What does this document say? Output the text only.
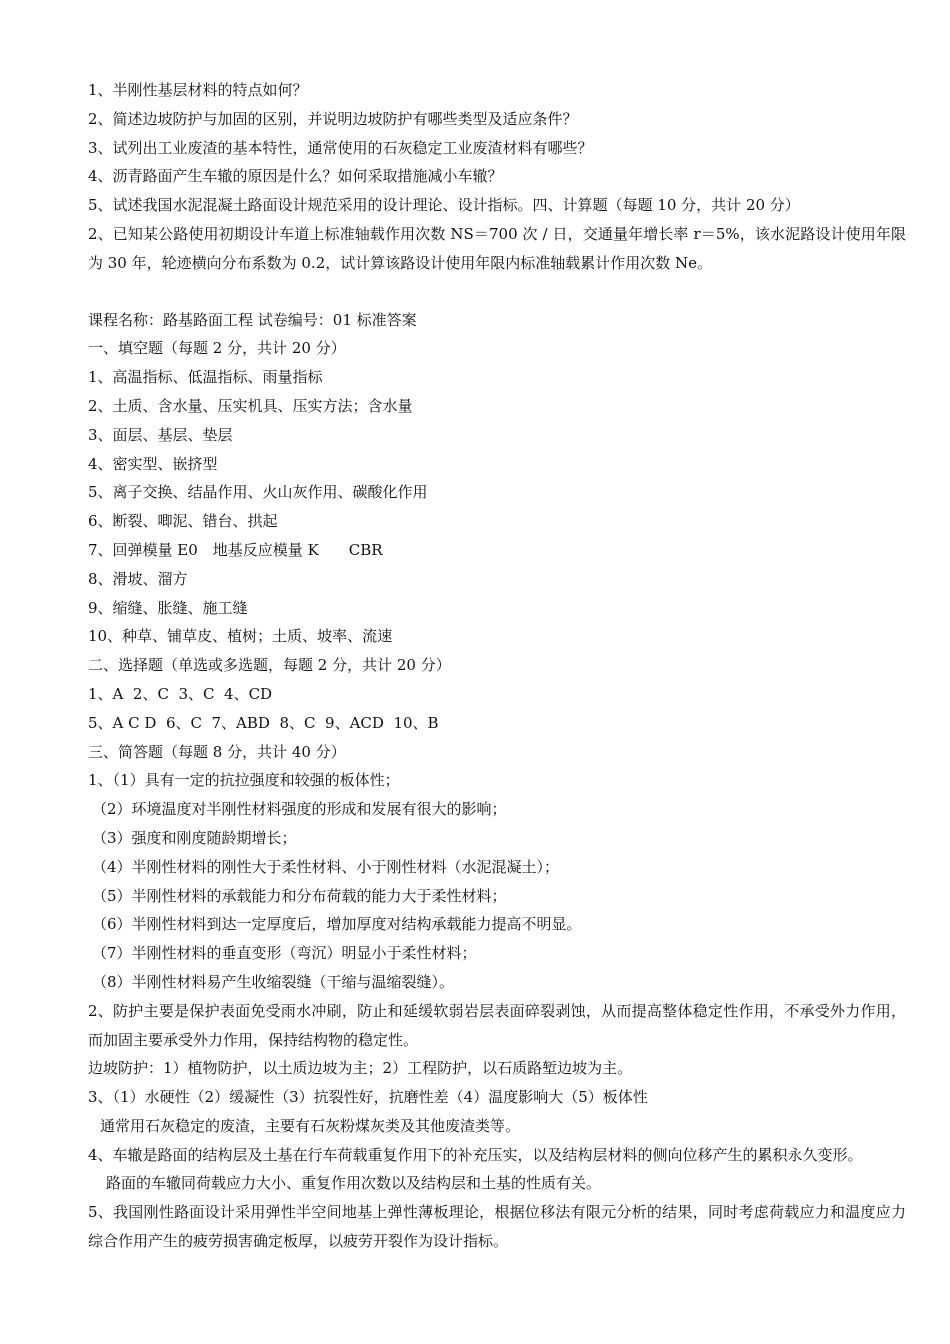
1、半刚性基层材料的特点如何？
2、简述边坡防护与加固的区别，并说明边坡防护有哪些类型及适应条件？
3、试列出工业废渣的基本特性，通常使用的石灰稳定工业废渣材料有哪些？
4、沥青路面产生车辙的原因是什么？如何采取措施减小车辙？
5、试述我国水泥混凝土路面设计规范采用的设计理论、设计指标。四、计算题（每题 10 分，共计 20 分）
2、已知某公路使用初期设计车道上标准轴载作用次数 NS＝700 次 / 日，交通量年增长率 r＝5%，该水泥路设计使用年限为 30 年，轮迹横向分布系数为 0.2，试计算该路设计使用年限内标准轴载累计作用次数 Ne。
课程名称：路基路面工程 试卷编号：01 标准答案
一、填空题（每题 2 分，共计 20 分）
1、高温指标、低温指标、雨量指标
2、土质、含水量、压实机具、压实方法；含水量
3、面层、基层、垫层
4、密实型、嵌挤型
5、离子交换、结晶作用、火山灰作用、碳酸化作用
6、断裂、唧泥、错台、拱起
7、回弹模量 E0　地基反应模量 K　　CBR
8、滑坡、溜方
9、缩缝、胀缝、施工缝
10、种草、铺草皮、植树；土质、坡率、流速
二、选择题（单选或多选题，每题 2 分，共计 20 分）
1、A  2、C  3、C  4、CD
5、A C D  6、C  7、ABD  8、C  9、ACD  10、B
三、简答题（每题 8 分，共计 40 分）
1、（1）具有一定的抗拉强度和较强的板体性；
（2）环境温度对半刚性材料强度的形成和发展有很大的影响；
（3）强度和刚度随龄期增长；
（4）半刚性材料的刚性大于柔性材料、小于刚性材料（水泥混凝土）；
（5）半刚性材料的承载能力和分布荷载的能力大于柔性材料；
（6）半刚性材料到达一定厚度后，增加厚度对结构承载能力提高不明显。
（7）半刚性材料的垂直变形（弯沉）明显小于柔性材料；
（8）半刚性材料易产生收缩裂缝（干缩与温缩裂缝）。
2、防护主要是保护表面免受雨水冲刷，防止和延缓软弱岩层表面碎裂剥蚀，从而提高整体稳定性作用，不承受外力作用，而加固主要承受外力作用，保持结构物的稳定性。
边坡防护：1）植物防护，以土质边坡为主；2）工程防护，以石质路堑边坡为主。
3、（1）水硬性（2）缓凝性（3）抗裂性好，抗磨性差（4）温度影响大（5）板体性
通常用石灰稳定的废渣，主要有石灰粉煤灰类及其他废渣类等。
4、车辙是路面的结构层及土基在行车荷载重复作用下的补充压实，以及结构层材料的侧向位移产生的累积永久变形。
路面的车辙同荷载应力大小、重复作用次数以及结构层和土基的性质有关。
5、我国刚性路面设计采用弹性半空间地基上弹性薄板理论，根据位移法有限元分析的结果，同时考虑荷载应力和温度应力综合作用产生的疲劳损害确定板厚，以疲劳开裂作为设计指标。
